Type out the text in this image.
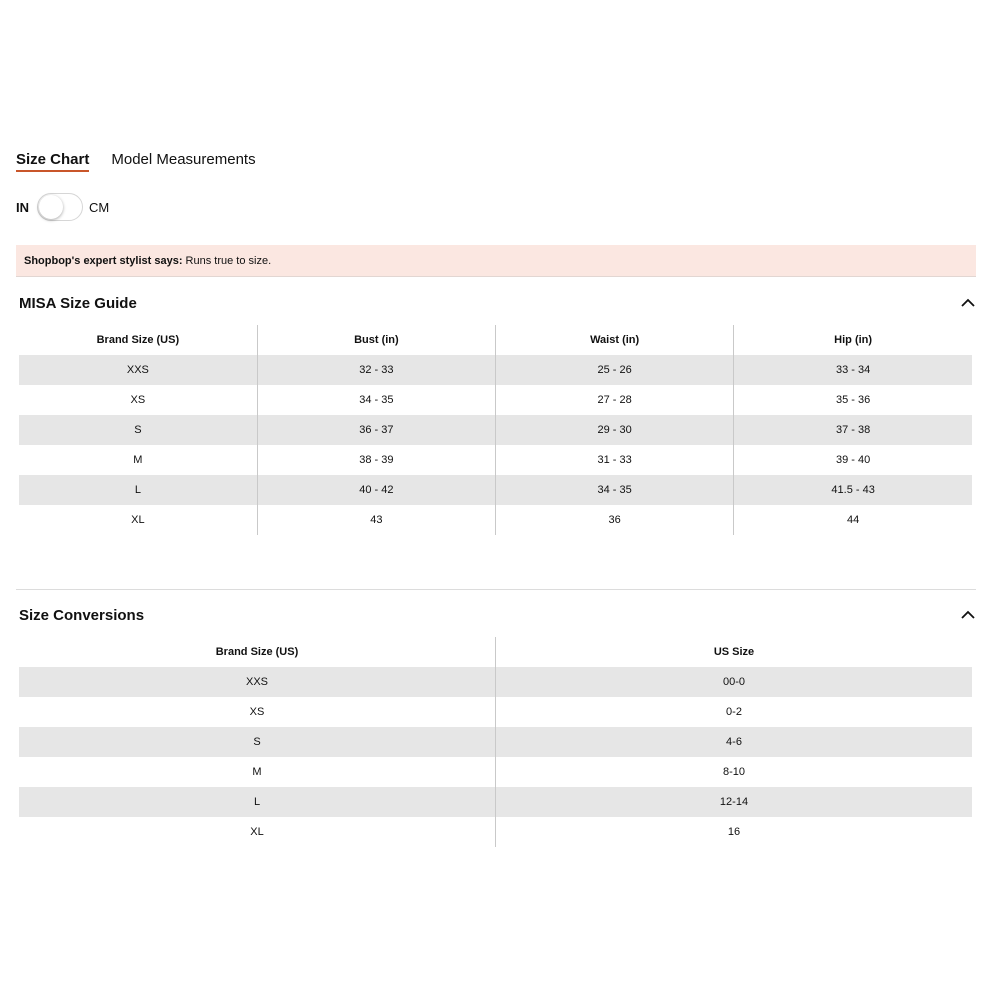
Size Chart Model Measurements
IN	CM
Shopbop's expert stylist says: Runs true to size.
MISA Size Guide
Brand Size (US)	Bust (in)	Waist (in)	Hip (in)
XXS	32 - 33	25 - 26	33 - 34
XS	34 - 35	27 - 28	35 - 36
S	36 - 37	29 - 30	37 - 38
M	38 - 39	31 - 33	39 - 40
L	40 - 42	34 - 35	41.5 - 43
XL	43	36	44
Size Conversions
Brand Size (US)	US Size
XXS	00-0
XS	0-2
S	4-6
M	8-10
L	12-14
XL	16
